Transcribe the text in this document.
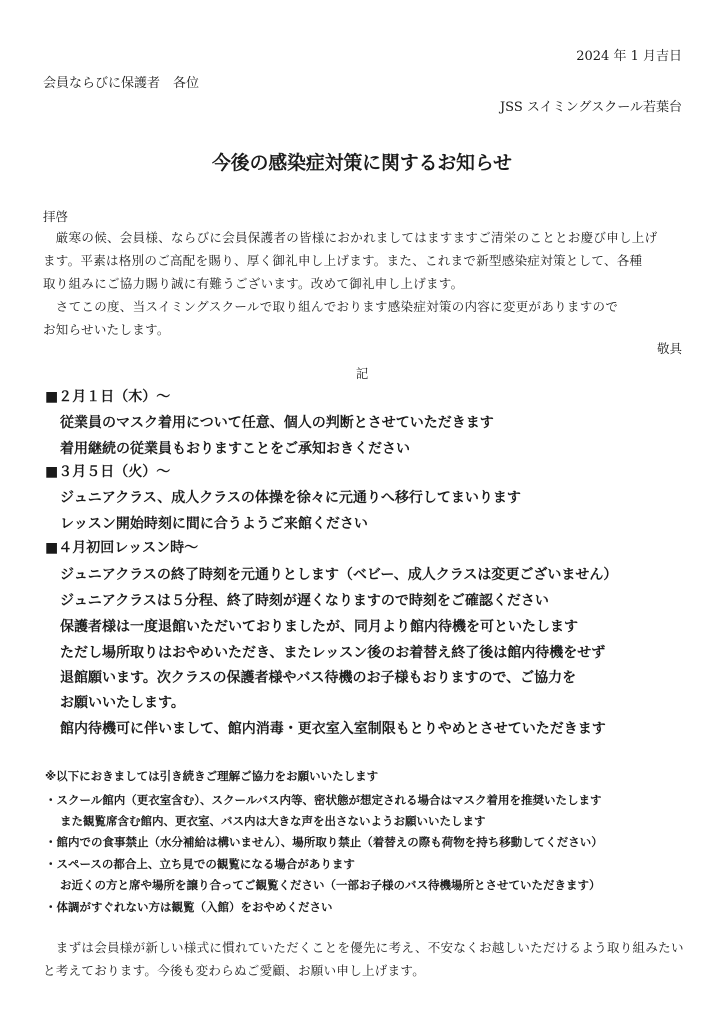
2024 年 1 月吉日
会員ならびに保護者　各位
JSS スイミングスクール若葉台
今後の感染症対策に関するお知らせ
拝啓
　厳寒の候、会員様、ならびに会員保護者の皆様におかれましてはますますご清栄のこととお慶び申し上げ
ます。平素は格別のご高配を賜り、厚く御礼申し上げます。また、これまで新型感染症対策として、各種
取り組みにご協力賜り誠に有難うございます。改めて御礼申し上げます。
　さてこの度、当スイミングスクールで取り組んでおります感染症対策の内容に変更がありますので
お知らせいたします。
敬具
記
■２月１日（木）～
従業員のマスク着用について任意、個人の判断とさせていただきます
着用継続の従業員もおりますことをご承知おきください
■３月５日（火）～
ジュニアクラス、成人クラスの体操を徐々に元通りへ移行してまいります
レッスン開始時刻に間に合うようご来館ください
■４月初回レッスン時～
ジュニアクラスの終了時刻を元通りとします（ベビー、成人クラスは変更ございません）
ジュニアクラスは５分程、終了時刻が遅くなりますので時刻をご確認ください
保護者様は一度退館いただいておりましたが、同月より館内待機を可といたします
ただし場所取りはおやめいただき、またレッスン後のお着替え終了後は館内待機をせず
退館願います。次クラスの保護者様やバス待機のお子様もおりますので、ご協力を
お願いいたします。
館内待機可に伴いまして、館内消毒・更衣室入室制限もとりやめとさせていただきます
※以下におきましては引き続きご理解ご協力をお願いいたします
・スクール館内（更衣室含む）、スクールバス内等、密状態が想定される場合はマスク着用を推奨いたします
また観覧席含む館内、更衣室、バス内は大きな声を出さないようお願いいたします
・館内での食事禁止（水分補給は構いません）、場所取り禁止（着替えの際も荷物を持ち移動してください）
・スペースの都合上、立ち見での観覧になる場合があります
お近くの方と席や場所を譲り合ってご観覧ください（一部お子様のバス待機場所とさせていただきます）
・体調がすぐれない方は観覧（入館）をおやめください
　まずは会員様が新しい様式に慣れていただくことを優先に考え、不安なくお越しいただけるよう取り組みたい
と考えております。今後も変わらぬご愛顧、お願い申し上げます。
